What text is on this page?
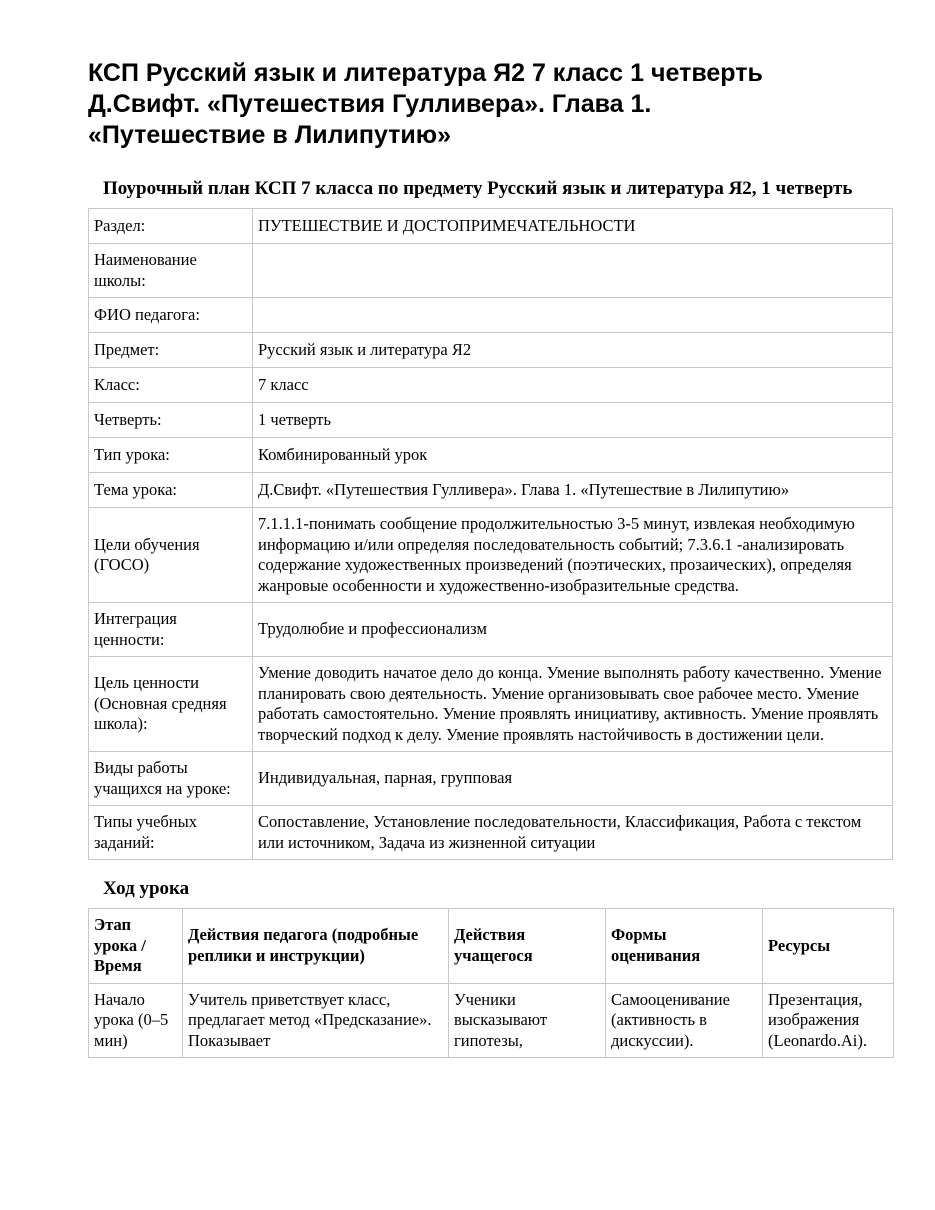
КСП Русский язык и литература Я2 7 класс 1 четверть
Д.Свифт. «Путешествия Гулливера». Глава 1.
«Путешествие в Лилипутию»
Поурочный план КСП 7 класса по предмету Русский язык и литература Я2, 1 четверть
Раздел:	ПУТЕШЕСТВИЕ И ДОСТОПРИМЕЧАТЕЛЬНОСТИ
Наименование школы:	
ФИО педагога:	
Предмет:	Русский язык и литература Я2
Класс:	7 класс
Четверть:	1 четверть
Тип урока:	Комбинированный урок
Тема урока:	Д.Свифт. «Путешествия Гулливера». Глава 1. «Путешествие в Лилипутию»
Цели обучения (ГОСО)	7.1.1.1-понимать сообщение продолжительностью 3-5 минут, извлекая необходимую информацию и/или определяя последовательность событий; 7.3.6.1 -анализировать содержание художественных произведений (поэтических, прозаических), определяя жанровые особенности и художественно-изобразительные средства.
Интеграция ценности:	Трудолюбие и профессионализм
Цель ценности (Основная средняя школа):	Умение доводить начатое дело до конца. Умение выполнять работу качественно. Умение планировать свою деятельность. Умение организовывать свое рабочее место. Умение работать самостоятельно. Умение проявлять инициативу, активность. Умение проявлять творческий подход к делу. Умение проявлять настойчивость в достижении цели.
Виды работы учащихся на уроке:	Индивидуальная, парная, групповая
Типы учебных заданий:	Сопоставление, Установление последовательности, Классификация, Работа с текстом или источником, Задача из жизненной ситуации
Ход урока
Этап урока / Время	Действия педагога (подробные реплики и инструкции)	Действия учащегося	Формы оценивания	Ресурсы
Начало урока (0–5 мин)	Учитель приветствует класс, предлагает метод «Предсказание». Показывает	Ученики высказывают гипотезы,	Самооценивание (активность в дискуссии).	Презентация, изображения (Leonardo.Ai).
